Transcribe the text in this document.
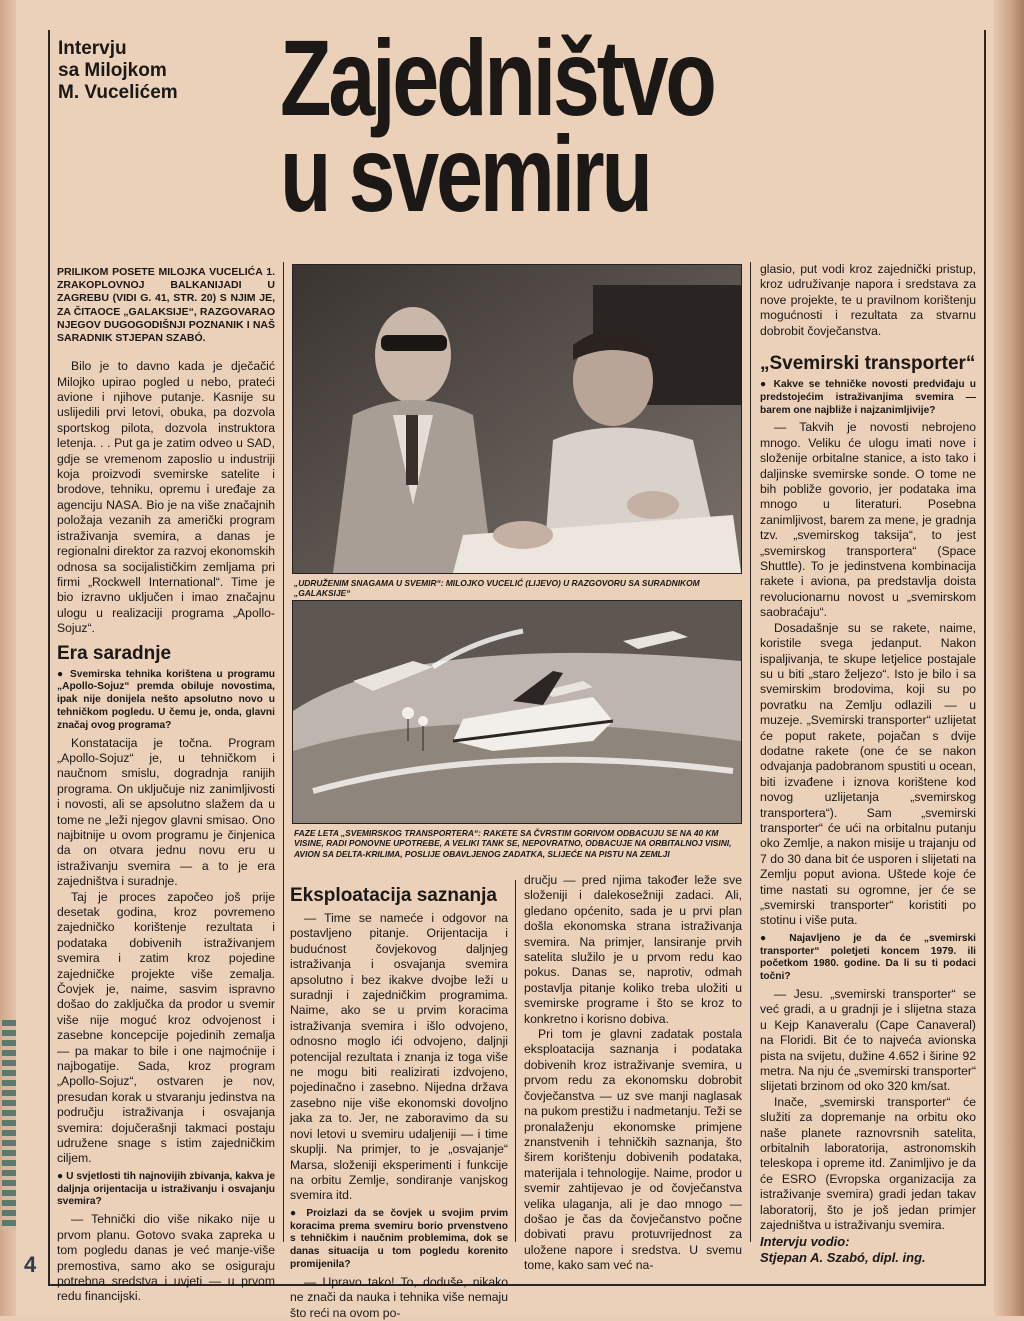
Intervju
sa Milojkom
M. Vucelićem Zajedništvo
u svemiru
PRILIKOM POSETE MILOJKA VUCELIĆA 1. ZRAKOPLOVNOJ BALKANIJADI U ZAGREBU (VIDI G. 41, STR. 20) S NJIM JE, ZA ČITAOCE „GALAKSIJE“, RAZGOVARAO NJEGOV DUGOGODIŠNJI POZNANIK I NAŠ SARADNIK STJEPAN SZABÓ.

Bilo je to davno kada je dječačić Milojko upirao pogled u nebo, prateći avione i njihove putanje. Kasnije su uslijedili prvi letovi, obuka, pa dozvola sportskog pilota, dozvola instruktora letenja. . . Put ga je zatim odveo u SAD, gdje se vremenom zaposlio u industriji koja proizvodi svemirske satelite i brodove, tehniku, opremu i uređaje za agenciju NASA. Bio je na više značajnih položaja vezanih za američki program istraživanja svemira, a danas je regionalni direktor za razvoj ekonomskih odnosa sa socijalističkim zemljama pri firmi „Rockwell International“. Time je bio izravno uključen i imao značajnu ulogu u realizaciji programa „Apollo-Sojuz“.

Era saradnje
● Svemirska tehnika korištena u programu „Apollo-Sojuz“ premda obiluje novostima, ipak nije donijela nešto apsolutno novo u tehničkom pogledu. U čemu je, onda, glavni značaj ovog programa?

Konstatacija je točna. Program „Apollo-Sojuz“ je, u tehničkom i naučnom smislu, dogradnja ranijih programa. On uključuje niz zanimljivosti i novosti, ali se apsolutno slažem da u tome ne „leži njegov glavni smisao. Ono najbitnije u ovom programu je činjenica da on otvara jednu novu eru u istraživanju svemira — a to je era zajedništva i suradnje.

Taj je proces započeo još prije desetak godina, kroz povremeno zajedničko korištenje rezultata i podataka dobivenih istraživanjem svemira i zatim kroz pojedine zajedničke projekte više zemalja. Čovjek je, naime, sasvim ispravno došao do zaključka da prodor u svemir više nije moguć kroz odvojenost i zasebne koncepcije pojedinih zemalja — pa makar to bile i one najmoćnije i najbogatije. Sada, kroz program „Apollo-Sojuz“, ostvaren je nov, presudan korak u stvaranju jedinstva na području istraživanja i osvajanja svemira: dojučerašnji takmaci postaju udružene snage s istim zajedničkim ciljem.

● U svjetlosti tih najnovijih zbivanja, kakva je daljnja orijentacija u istraživanju i osvajanju svemira?

— Tehnički dio više nikako nije u prvom planu. Gotovo svaka zapreka u tom pogledu danas je već manje-više premostiva, samo ako se osiguraju potrebna sredstva i uvjeti — u prvom redu financijski.

„UDRUŽENIM SNAGAMA U SVEMIR“: MILOJKO VUCELIĆ (LIJEVO) U RAZGOVORU SA SURADNIKOM „GALAKSIJE“
FAZE LETA „SVEMIRSKOG TRANSPORTERA“: RAKETE SA ČVRSTIM GORIVOM ODBACUJU SE NA 40 KM VISINE, RADI PONOVNE UPOTREBE, A VELIKI TANK SE, NEPOVRATNO, ODBACUJE NA ORBITALNOJ VISINI, AVION SA DELTA-KRILIMA, POSLIJE OBAVLJENOG ZADATKA, SLIJEĆE NA PISTU NA ZEMLJI
Eksploatacija saznanja

— Time se nameće i odgovor na postavljeno pitanje. Orijentacija i budućnost čovjekovog daljnjeg istraživanja i osvajanja svemira apsolutno i bez ikakve dvojbe leži u suradnji i zajedničkim programima. Naime, ako se u prvim koracima istraživanja svemira i išlo odvojeno, odnosno moglo ići odvojeno, daljnji potencijal rezultata i znanja iz toga više ne mogu biti realizirati izdvojeno, pojedinačno i zasebno. Nijedna država zasebno nije više ekonomski dovoljno jaka za to. Jer, ne zaboravimo da su novi letovi u svemiru udaljeniji — i time skuplji. Na primjer, to je „osvajanje“ Marsa, složeniji eksperimenti i funkcije na orbitu Zemlje, sondiranje vanjskog svemira itd.

● Proizlazi da se čovjek u svojim prvim koracima prema svemiru borio prvenstveno s tehničkim i naučnim problemima, dok se danas situacija u tom pogledu korenito promijenila?

— Upravo tako! To, doduše, nikako ne znači da nauka i tehnika više nemaju što reći na ovom po-

dručju — pred njima također leže sve složeniji i dalekosežniji zadaci. Ali, gledano općenito, sada je u prvi plan došla ekonomska strana istraživanja svemira. Na primjer, lansiranje prvih satelita služilo je u prvom redu kao pokus. Danas se, naprotiv, odmah postavlja pitanje koliko treba uložiti u svemirske programe i što se kroz to konkretno i korisno dobiva.

Pri tom je glavni zadatak postala eksploatacija saznanja i podataka dobivenih kroz istraživanje svemira, u prvom redu za ekonomsku dobrobit čovječanstva — uz sve manji naglasak na pukom prestižu i nadmetanju. Teži se pronalaženju ekonomske primjene znanstvenih i tehničkih saznanja, što širem korištenju dobivenih podataka, materijala i tehnologije. Naime, prodor u svemir zahtijevao je od čovječanstva velika ulaganja, ali je dao mnogo — došao je čas da čovječanstvo počne dobivati pravu protuvrijednost za uložene napore i sredstva. U svemu tome, kako sam već na-

glasio, put vodi kroz zajednički pristup, kroz udruživanje napora i sredstava za nove projekte, te u pravilnom korištenju mogućnosti i rezultata za stvarnu dobrobit čovječanstva.

„Svemirski transporter“
● Kakve se tehničke novosti predviđaju u predstojećim istraživanjima svemira — barem one najbliže i najzanimljivije?

— Takvih je novosti nebrojeno mnogo. Veliku će ulogu imati nove i složenije orbitalne stanice, a isto tako i daljinske svemirske sonde. O tome ne bih pobliže govorio, jer podataka ima mnogo u literaturi. Posebna zanimljivost, barem za mene, je gradnja tzv. „svemirskog taksija“, to jest „svemirskog transportera“ (Space Shuttle). To je jedinstvena kombinacija rakete i aviona, pa predstavlja doista revolucionarnu novost u „svemirskom saobraćaju“.

Dosadašnje su se rakete, naime, koristile svega jedanput. Nakon ispaljivanja, te skupe letjelice postajale su u biti „staro željezo“. Isto je bilo i sa svemirskim brodovima, koji su po povratku na Zemlju odlazili — u muzeje. „Svemirski transporter“ uzlijetat će poput rakete, pojačan s dvije dodatne rakete (one će se nakon odvajanja padobranom spustiti u ocean, biti izvađene i iznova korištene kod novog uzlijetanja „svemirskog transportera“). Sam „svemirski transporter“ će ući na orbitalnu putanju oko Zemlje, a nakon misije u trajanju od 7 do 30 dana bit će usporen i slijetati na Zemlju poput aviona. Uštede koje će time nastati su ogromne, jer će se „svemirski transporter“ koristiti po stotinu i više puta.

● Najavljeno je da će „svemirski transporter“ poletjeti koncem 1979. ili početkom 1980. godine. Da li su ti podaci točni?

— Jesu. „svemirski transporter“ se već gradi, a u gradnji je i slijetna staza u Kejp Kanaveralu (Cape Canaveral) na Floridi. Bit će to najveća avionska pista na svijetu, dužine 4.652 i širine 92 metra. Na nju će „svemirski transporter“ slijetati brzinom od oko 320 km/sat.

Inače, „svemirski transporter“ će služiti za dopremanje na orbitu oko naše planete raznovrsnih satelita, orbitalnih laboratorija, astronomskih teleskopa i opreme itd. Zanimljivo je da će ESRO (Evropska organizacija za istraživanje svemira) gradi jedan takav laboratorij, što je još jedan primjer zajedništva u istraživanju svemira.

Intervju vodio:
Stjepan A. Szabó, dipl. ing.
4
